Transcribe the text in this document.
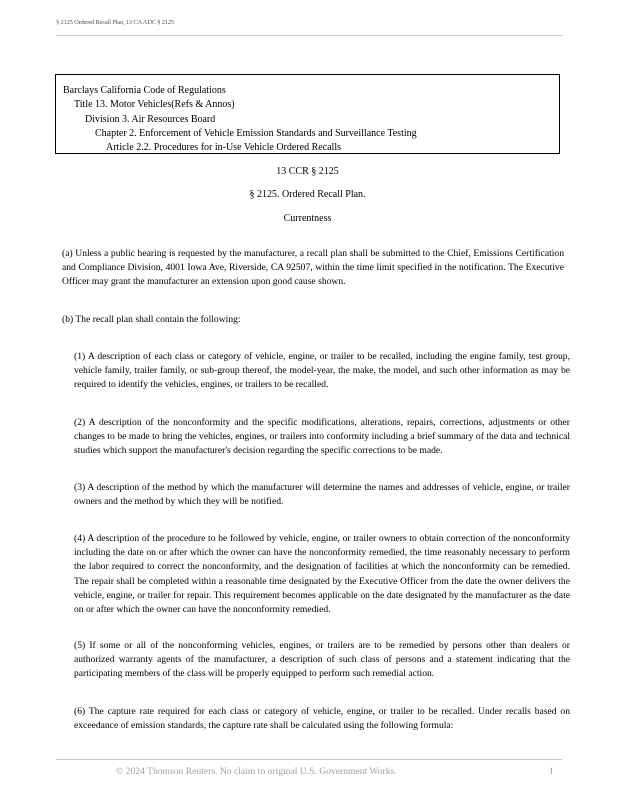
§ 2125 Ordered Recall Plan, 13 CA ADC § 2125
Barclays California Code of Regulations
Title 13. Motor Vehicles(Refs & Annos)
Division 3. Air Resources Board
Chapter 2. Enforcement of Vehicle Emission Standards and Surveillance Testing
Article 2.2. Procedures for in-Use Vehicle Ordered Recalls
13 CCR § 2125
§ 2125. Ordered Recall Plan.
Currentness

(a) Unless a public hearing is requested by the manufacturer, a recall plan shall be submitted to the Chief, Emissions Certification and Compliance Division, 4001 Iowa Ave, Riverside, CA 92507, within the time limit specified in the notification. The Executive Officer may grant the manufacturer an extension upon good cause shown.

(b) The recall plan shall contain the following:

(1) A description of each class or category of vehicle, engine, or trailer to be recalled, including the engine family, test group, vehicle family, trailer family, or sub-group thereof, the model-year, the make, the model, and such other information as may be required to identify the vehicles, engines, or trailers to be recalled.

(2) A description of the nonconformity and the specific modifications, alterations, repairs, corrections, adjustments or other changes to be made to bring the vehicles, engines, or trailers into conformity including a brief summary of the data and technical studies which support the manufacturer's decision regarding the specific corrections to be made.

(3) A description of the method by which the manufacturer will determine the names and addresses of vehicle, engine, or trailer owners and the method by which they will be notified.

(4) A description of the procedure to be followed by vehicle, engine, or trailer owners to obtain correction of the nonconformity including the date on or after which the owner can have the nonconformity remedied, the time reasonably necessary to perform the labor required to correct the nonconformity, and the designation of facilities at which the nonconformity can be remedied. The repair shall be completed within a reasonable time designated by the Executive Officer from the date the owner delivers the vehicle, engine, or trailer for repair. This requirement becomes applicable on the date designated by the manufacturer as the date on or after which the owner can have the nonconformity remedied.

(5) If some or all of the nonconforming vehicles, engines, or trailers are to be remedied by persons other than dealers or authorized warranty agents of the manufacturer, a description of such class of persons and a statement indicating that the participating members of the class will be properly equipped to perform such remedial action.

(6) The capture rate required for each class or category of vehicle, engine, or trailer to be recalled. Under recalls based on exceedance of emission standards, the capture rate shall be calculated using the following formula:

© 2024 Thomson Reuters. No claim to original U.S. Government Works.	1
